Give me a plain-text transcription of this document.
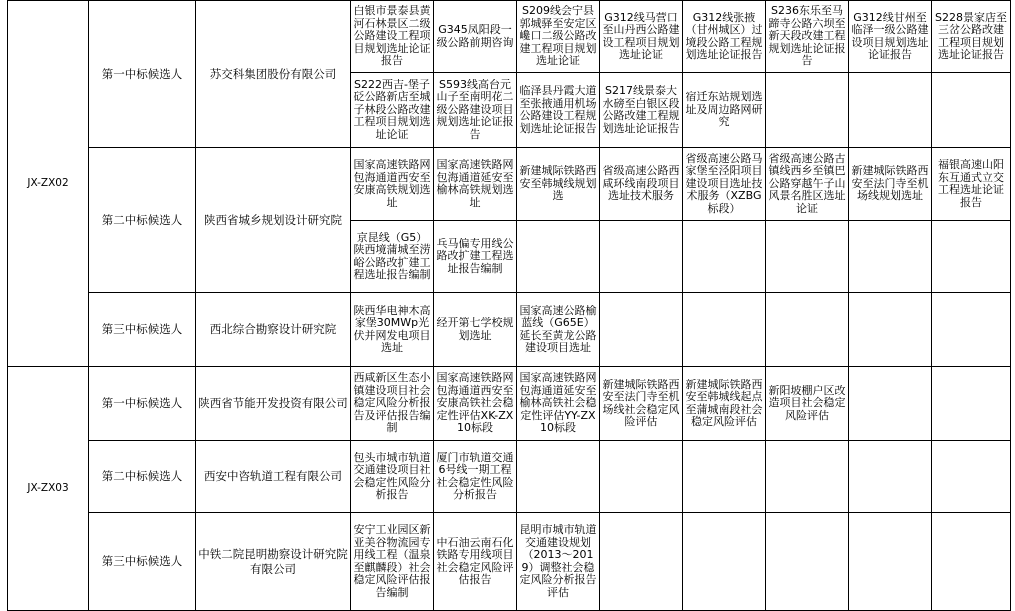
JX-ZX02	第一中标候选人	苏交科集团股份有限公司	白银市景泰县黄河石林景区二级公路建设工程项目规划选址论证报告	G345凤阳段一级公路前期咨询	S209线会宁县郭城驿至安定区巉口二级公路改建工程项目规划选址论证	G312线马营口至山丹西公路建设工程项目规划选址论证	G312线张掖（甘州城区）过境段公路工程规划选址论证报告	S236东乐至马蹄寺公路六坝至新天段改建工程规划选址论证报告	G312线甘州至临泽一级公路建设项目规划选址论证报告	S228景家店至三岔公路改建工程项目规划选址论证报告

			S222西吉-堡子砭公路新店至城子林段公路改建工程项目规划选址论证	S593线高台元山子至南明花二级公路建设项目规划选址论证报告	临泽县丹霞大道至张掖通用机场公路建设工程规划选址论证报告	S217线景泰大水磅至白银区段公路改建工程规划选址论证报告	宿迁东站规划选址及周边路网研究			

	第二中标候选人	陕西省城乡规划设计研究院	国家高速铁路网包海通道西安至安康高铁规划选址	国家高速铁路网包海通道延安至榆林高铁规划选址	新建城际铁路西安至韩城线规划选	省级高速公路西咸环线南段项目选址技术服务	省级高速公路马家堡至泾阳项目建设项目选址技术服务（XZBG标段）	省级高速公路古镇线西乡至镇巴公路穿越午子山风景名胜区选址论证	新建城际铁路西安至法门寺至机场线规划选址	福银高速山阳东互通式立交工程选址论证报告

			京昆线（G5）陕西境蒲城至涝峪公路改扩建工程选址报告编制	乓马偏专用线公路改扩建工程选址报告编制						

	第三中标候选人	西北综合勘察设计研究院	陕西华电神木高家堡30MWp光伏并网发电项目选址	经开第七学校规划选址	国家高速公路榆蓝线（G65E）延长至黄龙公路建设项目选址					

JX-ZX03	第一中标候选人	陕西省节能开发投资有限公司	西咸新区生态小镇建设项目社会稳定风险分析报告及评估报告编制	国家高速铁路网包海通道西安至安康高铁社会稳定性评估XK-ZX10标段	国家高速铁路网包海通道延安至榆林高铁社会稳定性评估YY-ZX10标段	新建城际铁路西安至法门寺至机场线社会稳定风险评估	新建城际铁路西安至韩城线起点至蒲城南段社会稳定风险评估	新阳坡棚户区改造项目社会稳定风险评估		

	第二中标候选人	西安中咨轨道工程有限公司	包头市城市轨道交通建设项目社会稳定性风险分析报告	厦门市轨道交通6号线一期工程社会稳定性风险分析报告						

	第三中标候选人	中铁二院昆明勘察设计研究院有限公司	安宁工业园区新亚美谷物流园专用线工程（温泉至麒麟段）社会稳定风险评估报告编制	中石油云南石化铁路专用线项目社会稳定风险评估报告	昆明市城市轨道交通建设规划（2013～2019）调整社会稳定风险分析报告评估					
